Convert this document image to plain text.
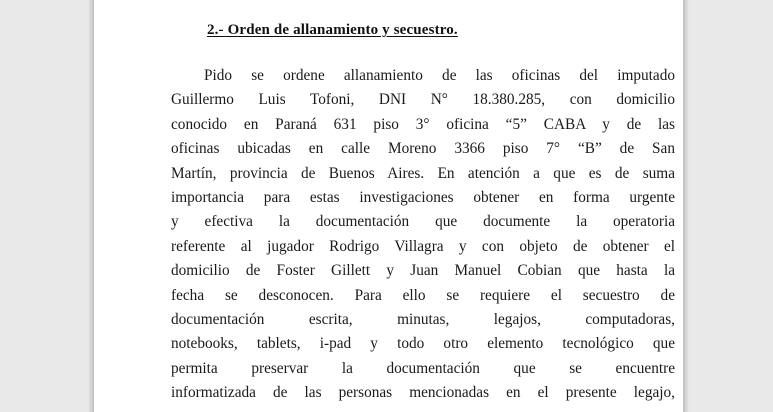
2.- Orden de allanamiento y secuestro.
Pido se ordene allanamiento de las oficinas del imputado
Guillermo Luis Tofoni, DNI N° 18.380.285, con domicilio
conocido en Paraná 631 piso 3° oficina “5” CABA y de las
oficinas ubicadas en calle Moreno 3366 piso 7° “B” de San
Martín, provincia de Buenos Aires. En atención a que es de suma
importancia para estas investigaciones obtener en forma urgente
y efectiva la documentación que documente la operatoria
referente al jugador Rodrigo Villagra y con objeto de obtener el
domicilio de Foster Gillett y Juan Manuel Cobian que hasta la
fecha se desconocen. Para ello se requiere el secuestro de
documentación escrita, minutas, legajos, computadoras,
notebooks, tablets, i-pad y todo otro elemento tecnológico que
permita preservar la documentación que se encuentre
informatizada de las personas mencionadas en el presente legajo,
